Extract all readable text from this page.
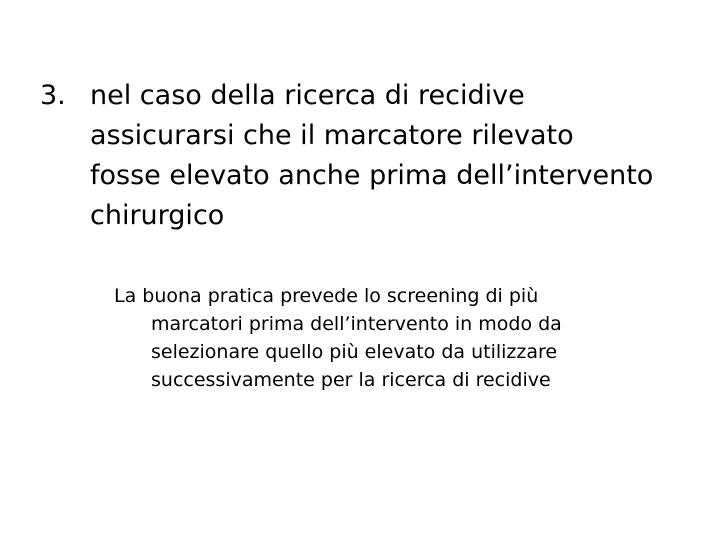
3. nel caso della ricerca di recidive
assicurarsi che il marcatore rilevato
fosse elevato anche prima dell’intervento
chirurgico
La buona pratica prevede lo screening di più
marcatori prima dell’intervento in modo da
selezionare quello più elevato da utilizzare
successivamente per la ricerca di recidive
